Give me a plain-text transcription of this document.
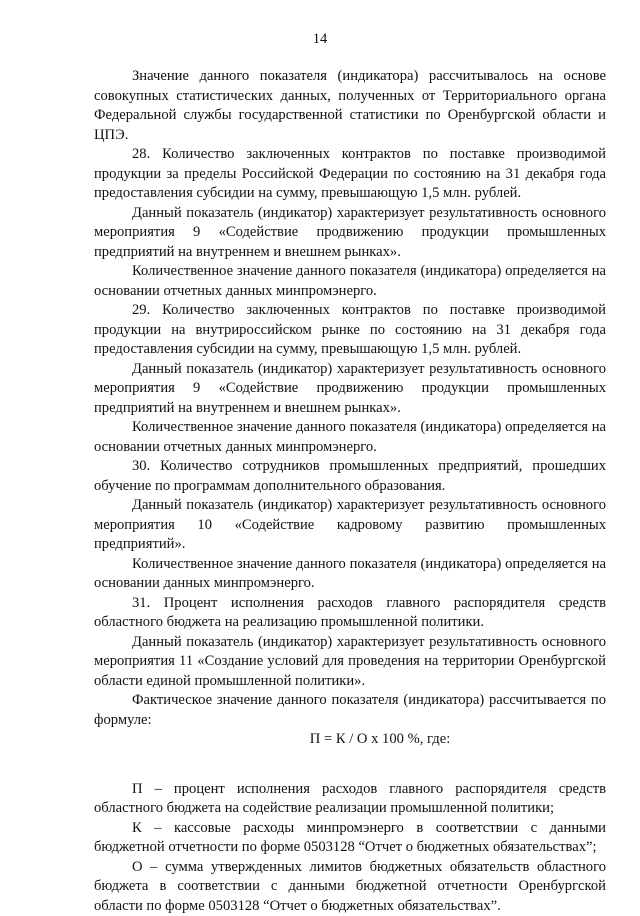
14

Значение данного показателя (индикатора) рассчитывалось на основе совокупных статистических данных, полученных от Территориального органа Федеральной службы государственной статистики по Оренбургской области и ЦПЭ.

28. Количество заключенных контрактов по поставке производимой продукции за пределы Российской Федерации по состоянию на 31 декабря года предоставления субсидии на сумму, превышающую 1,5 млн. рублей.

Данный показатель (индикатор) характеризует результативность основного мероприятия 9 «Содействие продвижению продукции промышленных предприятий на внутреннем и внешнем рынках».

Количественное значение данного показателя (индикатора) определяется на основании отчетных данных минпромэнерго.

29. Количество заключенных контрактов по поставке производимой продукции на внутрироссийском рынке по состоянию на 31 декабря года предоставления субсидии на сумму, превышающую 1,5 млн. рублей.

Данный показатель (индикатор) характеризует результативность основного мероприятия 9 «Содействие продвижению продукции промышленных предприятий на внутреннем и внешнем рынках».

Количественное значение данного показателя (индикатора) определяется на основании отчетных данных минпромэнерго.

30. Количество сотрудников промышленных предприятий, прошедших обучение по программам дополнительного образования.

Данный показатель (индикатор) характеризует результативность основного мероприятия 10 «Содействие кадровому развитию промышленных предприятий».

Количественное значение данного показателя (индикатора) определяется на основании данных минпромэнерго.

31. Процент исполнения расходов главного распорядителя средств областного бюджета на реализацию промышленной политики.

Данный показатель (индикатор) характеризует результативность основного мероприятия 11 «Создание условий для проведения на территории Оренбургской области единой промышленной политики».

Фактическое значение данного показателя (индикатора) рассчитывается по формуле:

П = К / О х 100 %, где:

П – процент исполнения расходов главного распорядителя средств областного бюджета на содействие реализации промышленной политики;

К – кассовые расходы минпромэнерго в соответствии с данными бюджетной отчетности по форме 0503128 “Отчет о бюджетных обязательствах”;

О – сумма утвержденных лимитов бюджетных обязательств областного бюджета в соответствии с данными бюджетной отчетности Оренбургской области по форме 0503128 “Отчет о бюджетных обязательствах”.
